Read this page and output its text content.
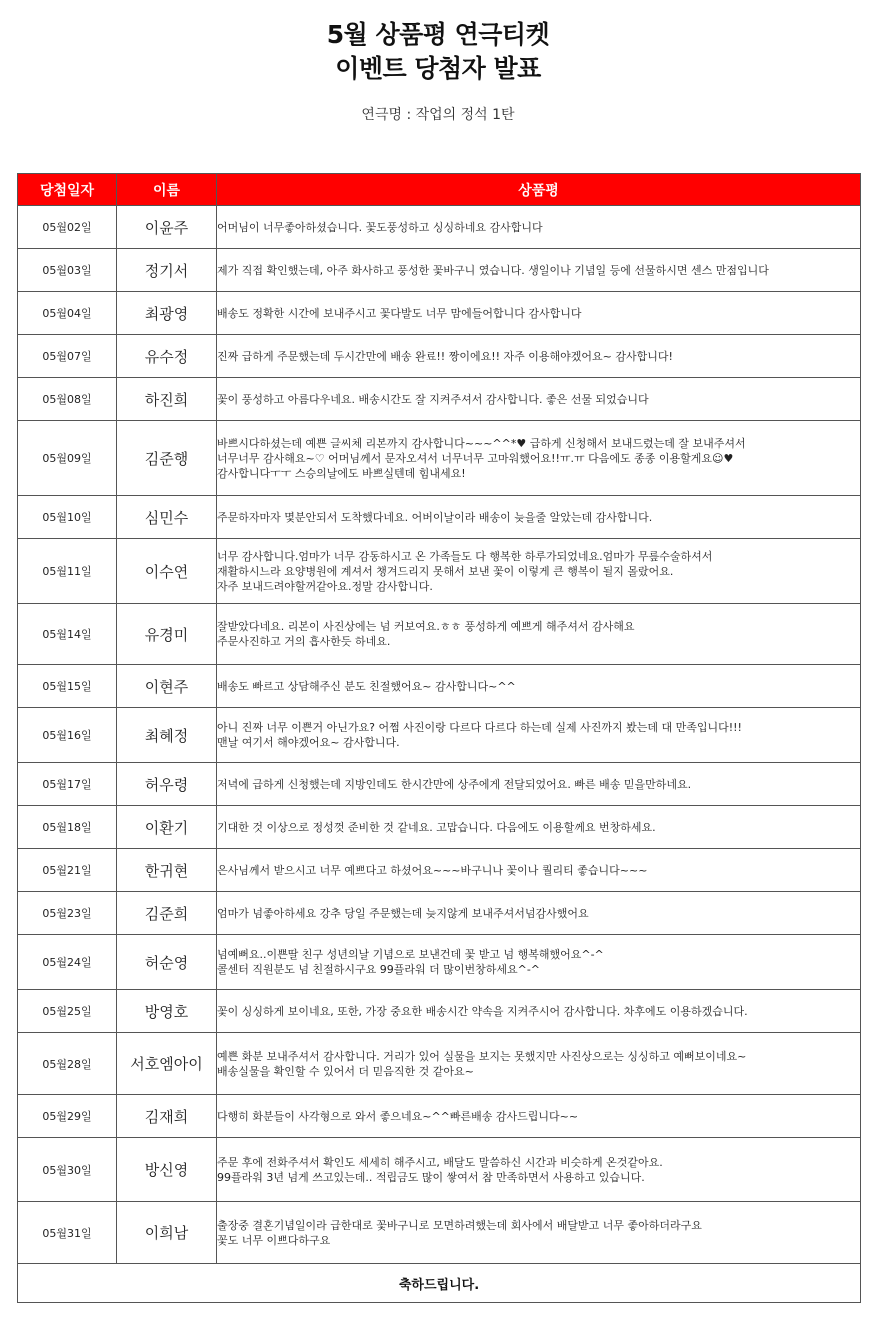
5월 상품평 연극티켓
이벤트 당첨자 발표
연극명 : 작업의 정석 1탄
당첨일자	이름	상품평
05월02일	이윤주	어머님이 너무좋아하셨습니다. 꽃도풍성하고 싱싱하네요 감사합니다

05월03일	정기서	제가 직접 확인했는데, 아주 화사하고 풍성한 꽃바구니 였습니다. 생일이나 기념일 등에 선물하시면 센스 만점입니다

05월04일	최광영	배송도 정확한 시간에 보내주시고 꽃다발도 너무 맘에들어합니다 감사합니다

05월07일	유수정	진짜 급하게 주문했는데 두시간만에 배송 완료!! 짱이에요!! 자주 이용해야겠어요~ 감사합니다!

05월08일	하진희	꽃이 풍성하고 아름다우네요. 배송시간도 잘 지켜주셔서 감사합니다. 좋은 선물 되었습니다

05월09일	김준행	바쁘시다하셨는데 예쁜 글씨체 리본까지 감사합니다~~~^^*♥ 급하게 신청해서 보내드렸는데 잘 보내주셔서
너무너무 감사해요~♡ 어머님께서 문자오셔서 너무너무 고마워했어요!!ㅠ.ㅠ 다음에도 종종 이용할게요☺♥
감사합니다ㅜㅜ 스승의날에도 바쁘실텐데 힘내세요!

05월10일	심민수	주문하자마자 몇분안되서 도착했다네요. 어버이날이라 배송이 늦을줄 알았는데 감사합니다.

05월11일	이수연	너무 감사합니다.엄마가 너무 감동하시고 온 가족들도 다 행복한 하루가되었네요.엄마가 무릎수술하셔서
재활하시느라 요양병원에 계셔서 챙겨드리지 못해서 보낸 꽃이 이렇게 큰 행복이 될지 몰랐어요.
자주 보내드려야할꺼같아요.정말 감사합니다.

05월14일	유경미	잘받았다네요. 리본이 사진상에는 넘 커보여요.ㅎㅎ 풍성하게 예쁘게 해주셔서 감사해요
주문사진하고 거의 흡사한듯 하네요.

05월15일	이현주	배송도 빠르고 상담해주신 분도 친절했어요~ 감사합니다~^^

05월16일	최혜정	아니 진짜 너무 이쁜거 아닌가요? 어쩜 사진이랑 다르다 다르다 하는데 실제 사진까지 봤는데 대 만족입니다!!!
맨날 여기서 해야겠어요~ 감사합니다.

05월17일	허우령	저녁에 급하게 신청했는데 지방인데도 한시간만에 상주에게 전달되었어요. 빠른 배송 믿을만하네요.

05월18일	이환기	기대한 것 이상으로 정성껏 준비한 것 같네요. 고맙습니다. 다음에도 이용할께요 번창하세요.

05월21일	한귀현	은사님께서 받으시고 너무 예쁘다고 하셨어요~~~바구니나 꽃이나 퀄리티 좋습니다~~~

05월23일	김준희	엄마가 넘좋아하세요 강추 당일 주문했는데 늦지않게 보내주셔서넘감사했어요

05월24일	허순영	넘예뻐요..이쁜딸 친구 성년의날 기념으로 보낸건데 꽃 받고 넘 행복해했어요^-^
콜센터 직원분도 넘 친절하시구요 99플라워 더 많이번창하세요^-^

05월25일	방영호	꽃이 싱싱하게 보이네요, 또한, 가장 중요한 배송시간 약속을 지켜주시어 감사합니다. 차후에도 이용하겠습니다.

05월28일	서호엠아이	예쁜 화분 보내주셔서 감사합니다. 거리가 있어 실물을 보지는 못했지만 사진상으로는 싱싱하고 예뻐보이네요~
배송실물을 확인할 수 있어서 더 믿음직한 것 같아요~

05월29일	김재희	다행히 화분들이 사각형으로 와서 좋으네요~^^빠른배송 감사드립니다~~

05월30일	방신영	주문 후에 전화주셔서 확인도 세세히 해주시고, 배달도 말씀하신 시간과 비슷하게 온것같아요.
99플라워 3년 넘게 쓰고있는데.. 적립금도 많이 쌓여서 참 만족하면서 사용하고 있습니다.

05월31일	이희남	출장중 결혼기념일이라 급한대로 꽃바구니로 모면하려했는데 회사에서 배달받고 너무 좋아하더라구요
꽃도 너무 이쁘다하구요

축하드립니다.		
